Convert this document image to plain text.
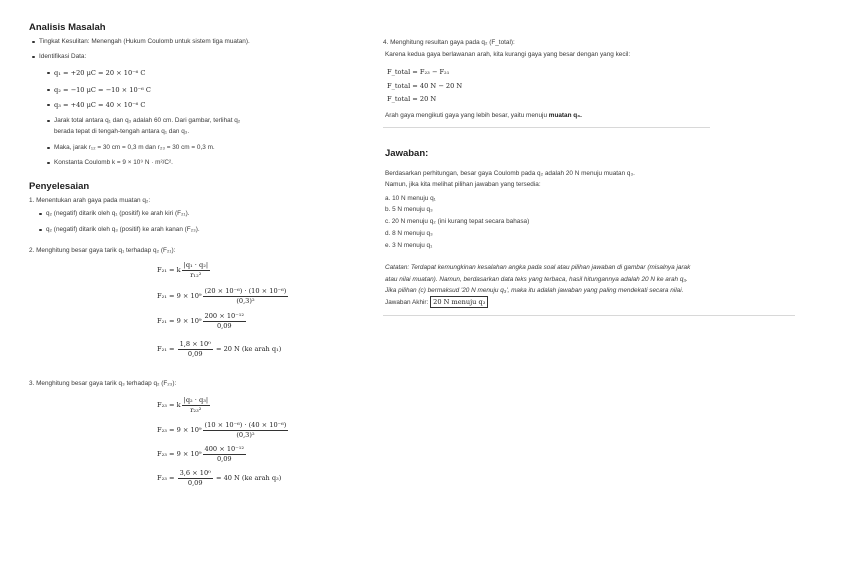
Analisis Masalah
Tingkat Kesulitan: Menengah (Hukum Coulomb untuk sistem tiga muatan).
Identifikasi Data:
q₁ = +20 μC = 20 × 10⁻⁶ C
q₂ = −10 μC = −10 × 10⁻⁶ C
q₃ = +40 μC = 40 × 10⁻⁶ C
Jarak total antara q₁ dan q₃ adalah 60 cm. Dari gambar, terlihat q₂
berada tepat di tengah-tengah antara q₁ dan q₃.
Maka, jarak r₁₂ = 30 cm = 0,3 m dan r₂₃ = 30 cm = 0,3 m.
Konstanta Coulomb k = 9 × 10⁹ N · m²/C².
Penyelesaian
1. Menentukan arah gaya pada muatan q₂:
q₂ (negatif) ditarik oleh q₁ (positif) ke arah kiri (F₂₁).
q₂ (negatif) ditarik oleh q₃ (positif) ke arah kanan (F₂₃).
2. Menghitung besar gaya tarik q₁ terhadap q₂ (F₂₁):
F₂₁ =
k $\frac{\text{|q₁ · q₂|}}{\text{r₁₂²}}$
F₂₁ =
$9 \times 10^9 \frac{\text{(20 × 10⁻⁶) · (10 × 10⁻⁶)}}{\text{(0,3)²}}$
F₂₁ =
$9 \times 10^9 \frac{\text{200 × 10⁻¹²}}{0,09}$
F₂₁ =
$\frac{\text{1,8 × 10⁰}}{0,09}$
= 20 N (ke arah q₁)
3. Menghitung besar gaya tarik q₃ terhadap q₂ (F₂₃):
F₂₃ =
k $\frac{\text{|q₂ · q₃|}}{\text{r₂₃²}}$
F₂₃ =
$9 \times 10^9 \frac{\text{(10 × 10⁻⁶) · (40 × 10⁻⁶)}}{\text{(0,3)²}}$
F₂₃ =
$9 \times 10^9 \frac{\text{400 × 10⁻¹²}}{0,09}$
F₂₃ =
$\frac{\text{3,6 × 10⁰}}{0,09}$
= 40 N (ke arah q₃)
4. Menghitung resultan gaya pada q₂ (F_total):
Karena kedua gaya berlawanan arah, kita kurangi gaya yang besar dengan yang kecil:
F_total = F₂₃ − F₂₁
F_total = 40 N − 20 N
F_total = 20 N
Arah gaya mengikuti gaya yang lebih besar, yaitu menuju muatan q₃.
Jawaban:
Berdasarkan perhitungan, besar gaya Coulomb pada q₂ adalah 20 N menuju muatan q₃.
Namun, jika kita melihat pilihan jawaban yang tersedia:
a. 10 N menuju q₁
b. 5 N menuju q₃
c. 20 N menuju q₂ (ini kurang tepat secara bahasa)
d. 8 N menuju q₃
e. 3 N menuju q₁
Catatan: Terdapat kemungkinan kesalahan angka pada soal atau pilihan jawaban di gambar (misalnya jarak
atau nilai muatan). Namun, berdasarkan data teks yang terbaca, hasil hitungannya adalah 20 N ke arah q₃.
Jika pilihan (c) bermaksud '20 N menuju q₃', maka itu adalah jawaban yang paling mendekati secara nilai.
Jawaban Akhir: 20 N menuju q₃
